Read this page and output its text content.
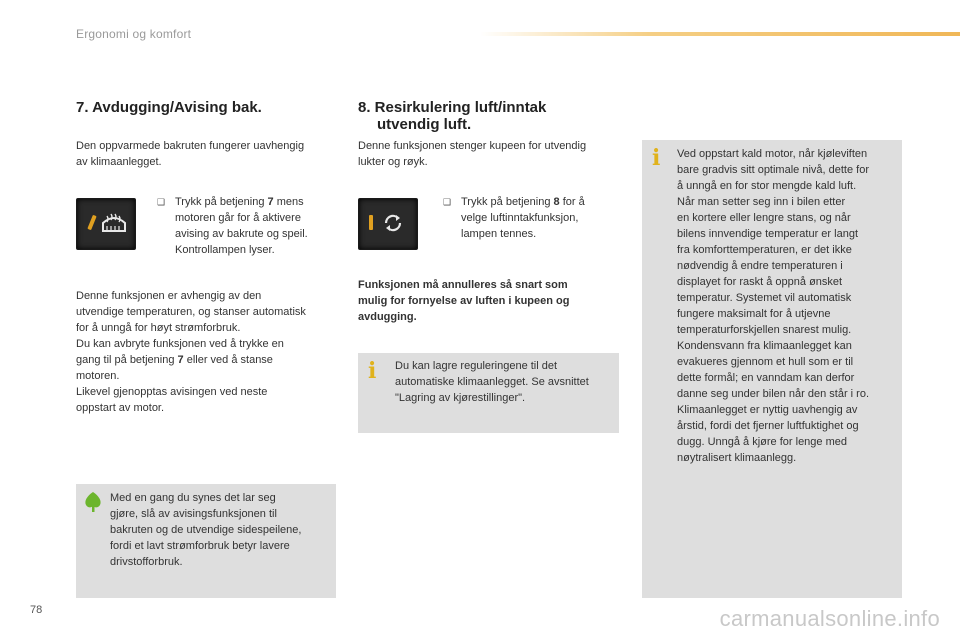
Ergonomi og komfort
7. Avdugging/Avising bak.
Den oppvarmede bakruten fungerer uavhengig
av klimaanlegget.
❑ Trykk på betjening 7 mens
motoren går for å aktivere
avising av bakrute og speil.
Kontrollampen lyser.
Denne funksjonen er avhengig av den
utvendige temperaturen, og stanser automatisk
for å unngå for høyt strømforbruk.
Du kan avbryte funksjonen ved å trykke en
gang til på betjening 7 eller ved å stanse
motoren.
Likevel gjenopptas avisingen ved neste
oppstart av motor.
Med en gang du synes det lar seg
gjøre, slå av avisingsfunksjonen til
bakruten og de utvendige sidespeilene,
fordi et lavt strømforbruk betyr lavere
drivstofforbruk.
8. Resirkulering luft/inntak
utvendig luft.
Denne funksjonen stenger kupeen for utvendig
lukter og røyk.
❑ Trykk på betjening 8 for å
velge luftinntakfunksjon,
lampen tennes.
Funksjonen må annulleres så snart som
mulig for fornyelse av luften i kupeen og
avdugging.
i Du kan lagre reguleringene til det
automatiske klimaanlegget. Se avsnittet
"Lagring av kjørestillinger".
i Ved oppstart kald motor, når kjøleviften
bare gradvis sitt optimale nivå, dette for
å unngå en for stor mengde kald luft.
Når man setter seg inn i bilen etter
en kortere eller lengre stans, og når
bilens innvendige temperatur er langt
fra komforttemperaturen, er det ikke
nødvendig å endre temperaturen i
displayet for raskt å oppnå ønsket
temperatur. Systemet vil automatisk
fungere maksimalt for å utjevne
temperaturforskjellen snarest mulig.
Kondensvann fra klimaanlegget kan
evakueres gjennom et hull som er til
dette formål; en vanndam kan derfor
danne seg under bilen når den står i ro.
Klimaanlegget er nyttig uavhengig av
årstid, fordi det fjerner luftfuktighet og
dugg. Unngå å kjøre for lenge med
nøytralisert klimaanlegg.
78	carmanualsonline.info
